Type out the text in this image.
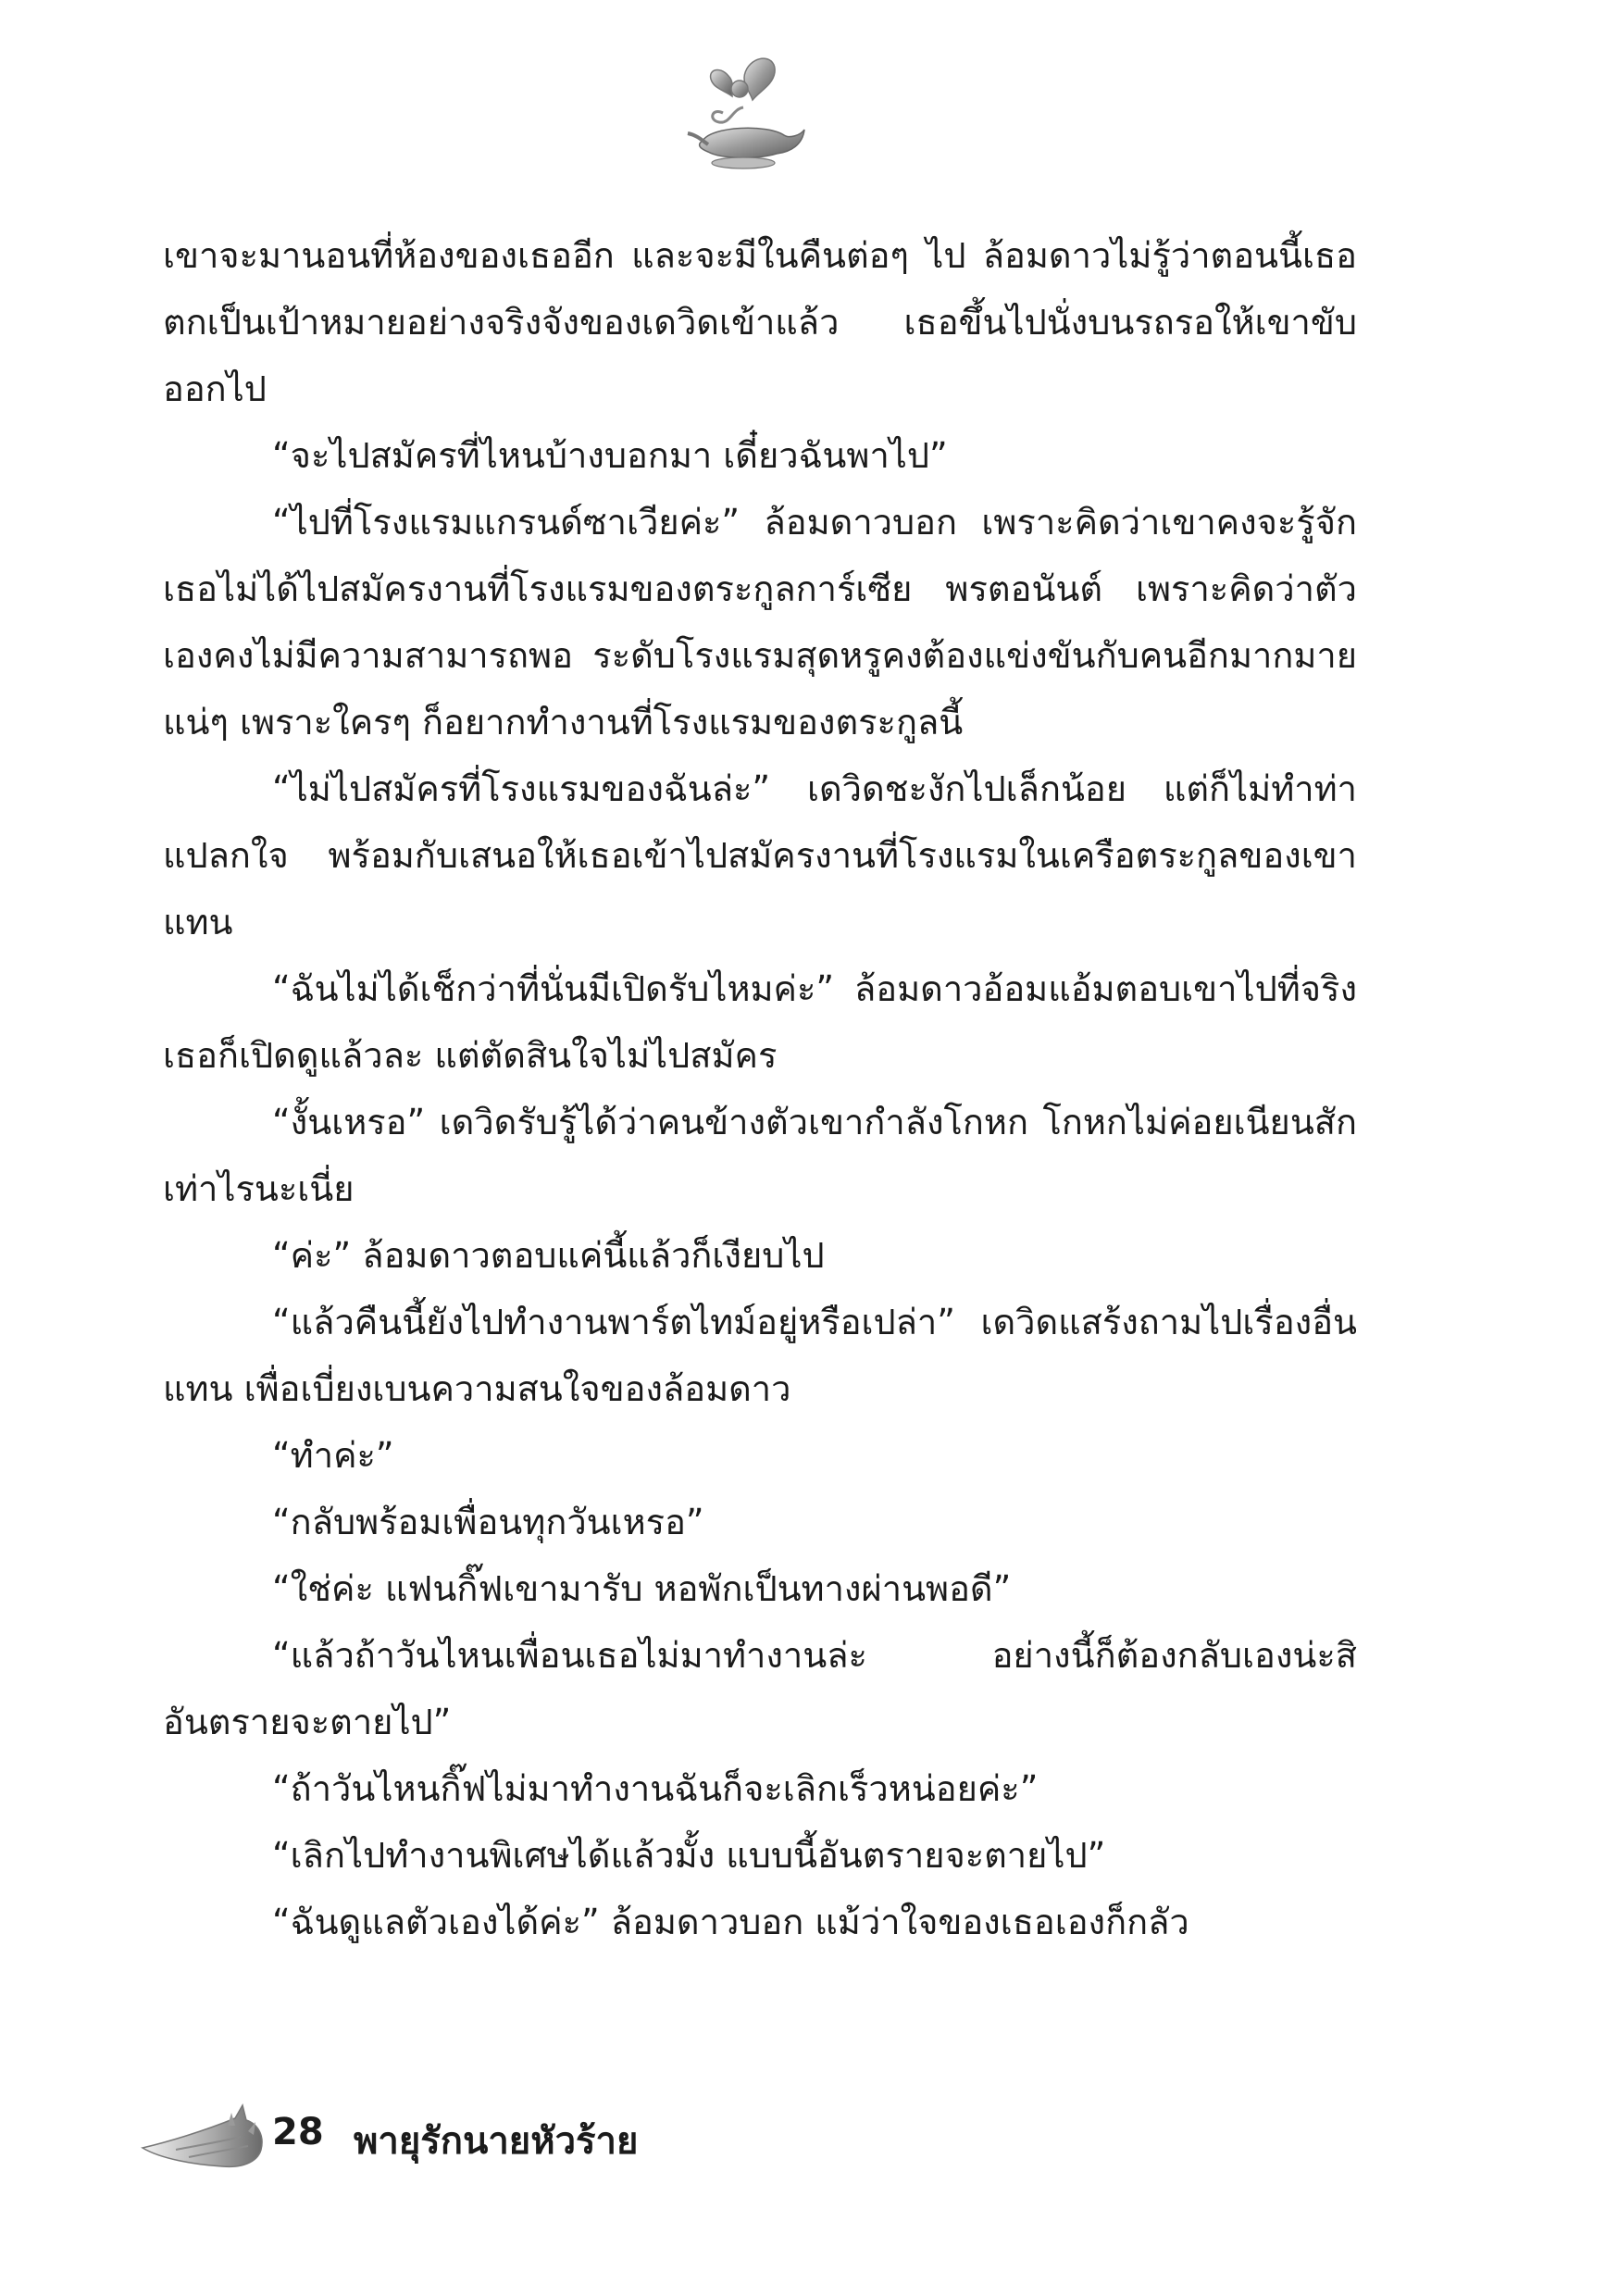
เขาจะมานอนที่ห้องของเธออีก และจะมีในคืนต่อๆ ไป ล้อมดาวไม่รู้ว่าตอนนี้เธอตกเป็นเป้าหมายอย่างจริงจังของเดวิดเข้าแล้ว เธอขึ้นไปนั่งบนรถรอให้เขาขับออกไป

“จะไปสมัครที่ไหนบ้างบอกมา เดี๋ยวฉันพาไป”

“ไปที่โรงแรมแกรนด์ซาเวียค่ะ” ล้อมดาวบอก เพราะคิดว่าเขาคงจะรู้จัก เธอไม่ได้ไปสมัครงานที่โรงแรมของตระกูลการ์เซีย พรตอนันต์ เพราะคิดว่าตัวเองคงไม่มีความสามารถพอ ระดับโรงแรมสุดหรูคงต้องแข่งขันกับคนอีกมากมายแน่ๆ เพราะใครๆ ก็อยากทำงานที่โรงแรมของตระกูลนี้

“ไม่ไปสมัครที่โรงแรมของฉันล่ะ” เดวิดชะงักไปเล็กน้อย แต่ก็ไม่ทำท่าแปลกใจ พร้อมกับเสนอให้เธอเข้าไปสมัครงานที่โรงแรมในเครือตระกูลของเขาแทน

“ฉันไม่ได้เช็กว่าที่นั่นมีเปิดรับไหมค่ะ” ล้อมดาวอ้อมแอ้มตอบเขาไปที่จริงเธอก็เปิดดูแล้วละ แต่ตัดสินใจไม่ไปสมัคร

“งั้นเหรอ” เดวิดรับรู้ได้ว่าคนข้างตัวเขากำลังโกหก โกหกไม่ค่อยเนียนสักเท่าไรนะเนี่ย

“ค่ะ” ล้อมดาวตอบแค่นี้แล้วก็เงียบไป

“แล้วคืนนี้ยังไปทำงานพาร์ตไทม์อยู่หรือเปล่า” เดวิดแสร้งถามไปเรื่องอื่นแทน เพื่อเบี่ยงเบนความสนใจของล้อมดาว

“ทำค่ะ”

“กลับพร้อมเพื่อนทุกวันเหรอ”

“ใช่ค่ะ แฟนกิ๊ฟเขามารับ หอพักเป็นทางผ่านพอดี”

“แล้วถ้าวันไหนเพื่อนเธอไม่มาทำงานล่ะ อย่างนี้ก็ต้องกลับเองน่ะสิอันตรายจะตายไป”

“ถ้าวันไหนกิ๊ฟไม่มาทำงานฉันก็จะเลิกเร็วหน่อยค่ะ”

“เลิกไปทำงานพิเศษได้แล้วมั้ง แบบนี้อันตรายจะตายไป”

“ฉันดูแลตัวเองได้ค่ะ” ล้อมดาวบอก แม้ว่าใจของเธอเองก็กลัว

28 พายุรักนายหัวร้าย
